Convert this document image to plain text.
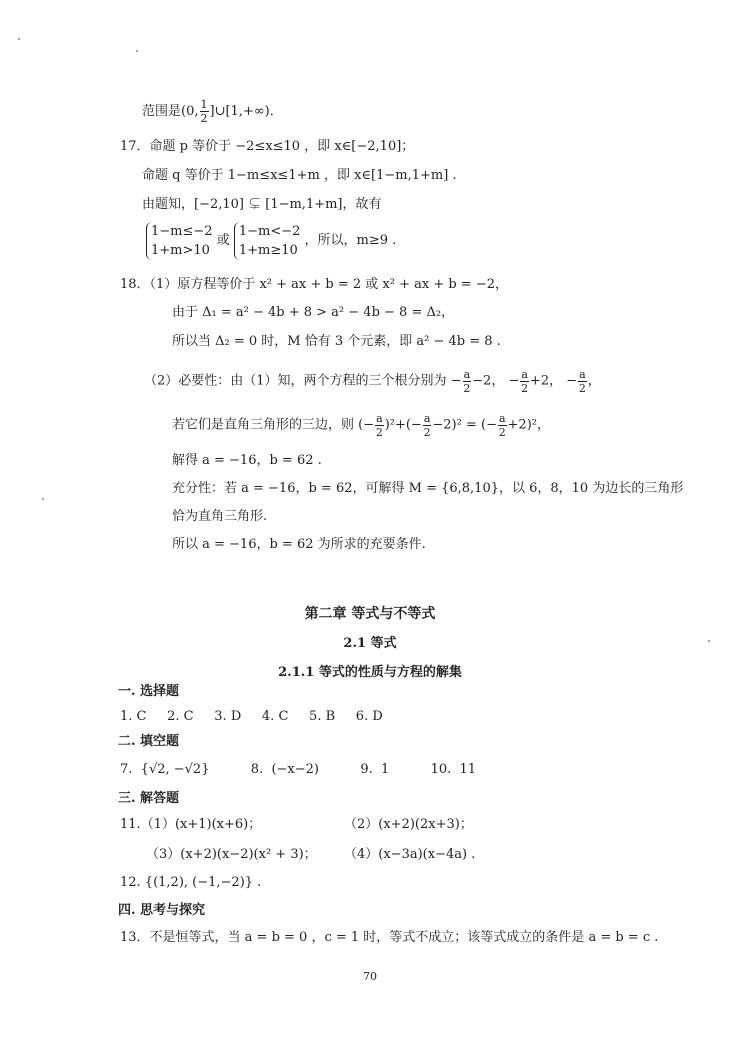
范围是(0, $\frac{1}{2}$ ]∪[1,+∞)．
17．命题 p 等价于 −2≤x≤10 ，即 x∈[−2,10]；
命题 q 等价于 1−m≤x≤1+m ，即 x∈[1−m,1+m] .
由题知，[−2,10] ⊊ [1−m,1+m]，故有
1−m≤−2
1+m>10
或
1−m<−2
1+m≥10
，所以，m≥9 .
18．（1）原方程等价于 x² + ax + b = 2 或 x² + ax + b = −2，
由于 Δ₁ = a² − 4b + 8 > a² − 4b − 8 = Δ₂，
所以当 Δ₂ = 0 时，M 恰有 3 个元素，即 a² − 4b = 8 .
（2）必要性：由（1）知，两个方程的三个根分别为 − $\frac{a}{2} -2$， − $\frac{a}{2} +2$， − $\frac{a}{2}$ ，
若它们是直角三角形的三边，则 (− $\frac{a}{2} )^2+(- \frac{a}{2} -2)^2$ = (− $\frac{a}{2} +2)^2$，
解得 a = −16，b = 62 .
充分性：若 a = −16，b = 62，可解得 M = {6,8,10}，以 6，8，10 为边长的三角形
恰为直角三角形.
所以 a = −16，b = 62 为所求的充要条件.
第二章 等式与不等式
2.1 等式
2.1.1 等式的性质与方程的解集
一. 选择题
1. C     2. C     3. D     4. C     5. B     6. D
二. 填空题
7.  {√2, −√2}          8.  (−x−2)          9.  1          10.  11
三. 解答题
11.（1）(x+1)(x+6)；	（2）(x+2)(2x+3)；
（3）(x+2)(x−2)(x² + 3)； （4）(x−3a)(x−4a) .
12. {(1,2), (−1,−2)} .
四. 思考与探究
13．不是恒等式，当 a = b = 0 ，c = 1 时，等式不成立；该等式成立的条件是 a = b = c .
70
